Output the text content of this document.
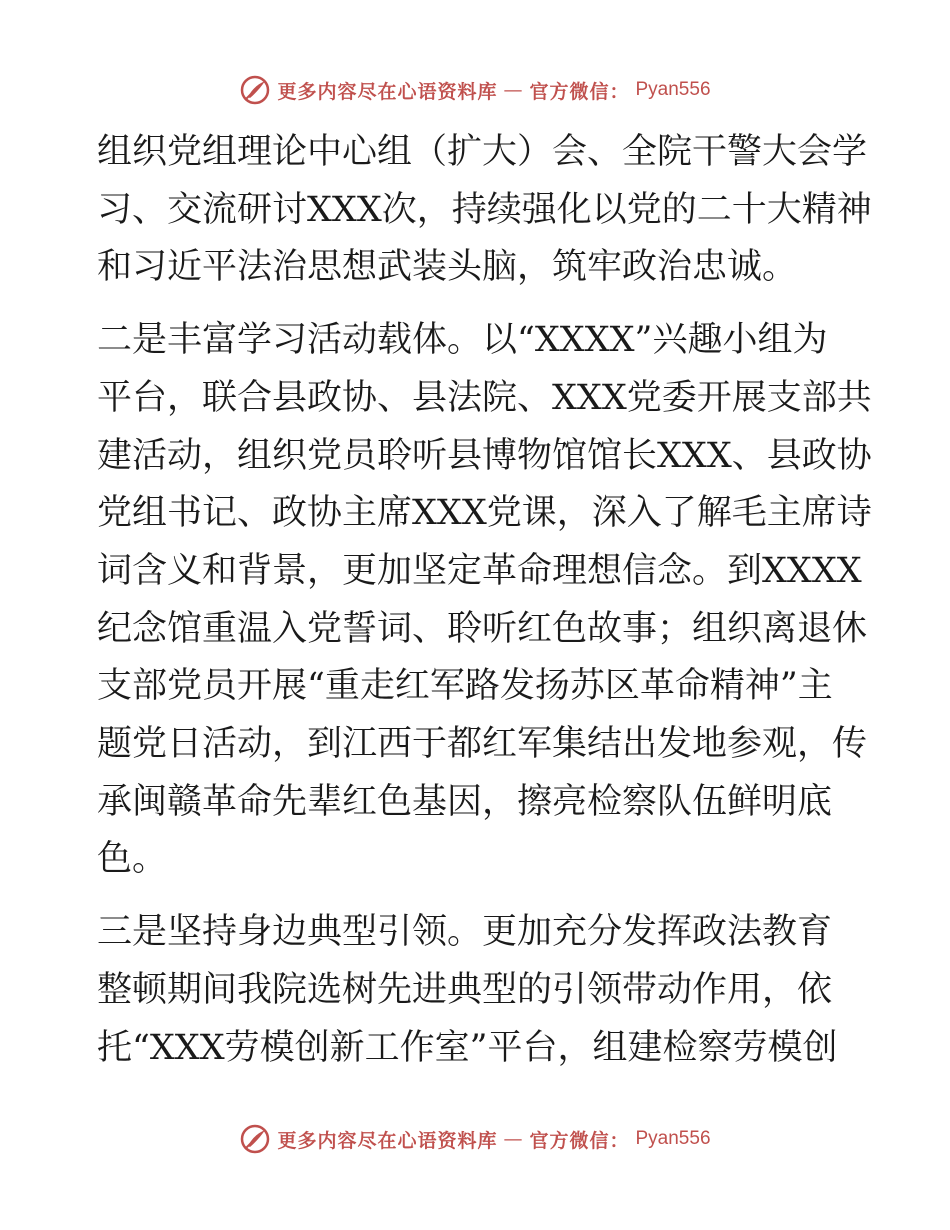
更多内容尽在心语资料库 — 官方微信： Pyan556

组织党组理论中心组（扩大）会、全院干警大会学

习、交流研讨XXX次，持续强化以党的二十大精神

和习近平法治思想武装头脑，筑牢政治忠诚。

二是丰富学习活动载体。以“XXXX”兴趣小组为

平台，联合县政协、县法院、XXX党委开展支部共

建活动，组织党员聆听县博物馆馆长XXX、县政协

党组书记、政协主席XXX党课，深入了解毛主席诗

词含义和背景，更加坚定革命理想信念。到XXXX

纪念馆重温入党誓词、聆听红色故事；组织离退休

支部党员开展“重走红军路发扬苏区革命精神”主

题党日活动，到江西于都红军集结出发地参观，传

承闽赣革命先辈红色基因，擦亮检察队伍鲜明底

色。

三是坚持身边典型引领。更加充分发挥政法教育

整顿期间我院选树先进典型的引领带动作用，依

托“XXX劳模创新工作室”平台，组建检察劳模创

更多内容尽在心语资料库 — 官方微信： Pyan556
